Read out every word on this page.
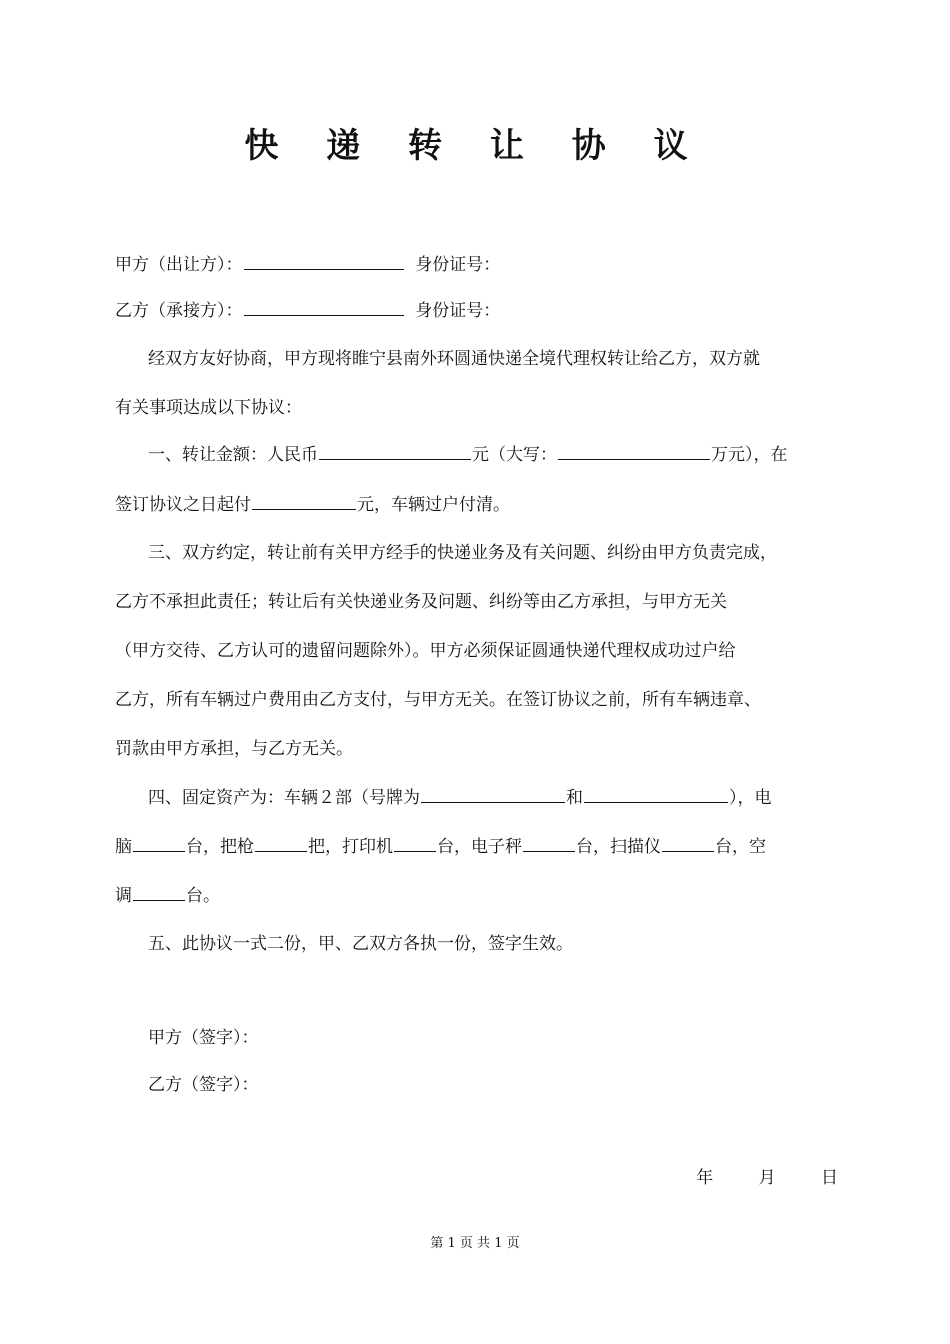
快 递 转 让 协 议
甲方（出让方）：	身份证号：
乙方（承接方）：	身份证号：
经双方友好协商，甲方现将睢宁县南外环圆通快递全境代理权转让给乙方，双方就
有关事项达成以下协议：
一、转让金额：人民币	元（大写：	万元），在
签订协议之日起付	元，车辆过户付清。
三、双方约定，转让前有关甲方经手的快递业务及有关问题、纠纷由甲方负责完成，
乙方不承担此责任；转让后有关快递业务及问题、纠纷等由乙方承担，与甲方无关
（甲方交待、乙方认可的遗留问题除外）。甲方必须保证圆通快递代理权成功过户给
乙方，所有车辆过户费用由乙方支付，与甲方无关。在签订协议之前，所有车辆违章、
罚款由甲方承担，与乙方无关。
四、固定资产为：车辆２部（号牌为	和	），电
脑	台，把枪	把，打印机	台，电子秤	台，扫描仪	台，空
调	台。
五、此协议一式二份，甲、乙双方各执一份，签字生效。
甲方（签字）：
乙方（签字）：
年	月	日
第 1 页 共 1 页
